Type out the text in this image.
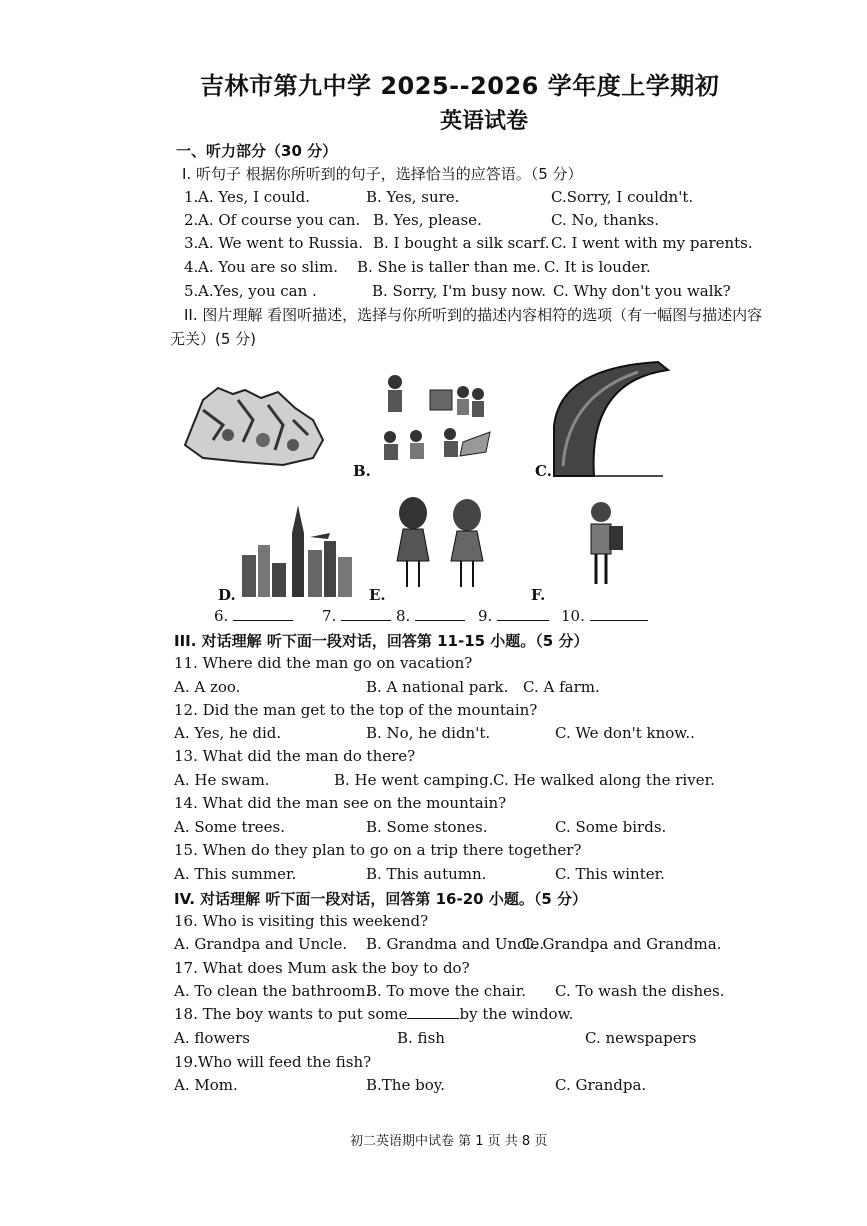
吉林市第九中学 2025--2026 学年度上学期初
英语试卷
一、听力部分（30 分）
I. 听句子 根据你所听到的句子，选择恰当的应答语。（5 分）
1. A. Yes, I could.	B. Yes, sure.	C.Sorry, I couldn't.
2. A. Of course you can. B. Yes, please.	C. No, thanks.
3. A. We went to Russia. B. I bought a silk scarf. C. I went with my parents.
4. A. You are so slim. B. She is taller than me. C. It is louder.
5. A.Yes, you can .	B. Sorry, I'm busy now. C. Why don't you walk?
II. 图片理解 看图听描述，选择与你所听到的描述内容相符的选项（有一幅图与描述内容
无关）(5 分)
B.	C.
D.	E.	F.
6.	7.	8.	9.	10.
III. 对话理解 听下面一段对话，回答第 11-15 小题。（5 分）
11. Where did the man go on vacation?
A. A zoo.	B. A national park. C. A farm.
12. Did the man get to the top of the mountain?
A. Yes, he did.	B. No, he didn't.	C. We don't know..
13. What did the man do there?
A. He swam.	B. He went camping. C. He walked along the river.
14. What did the man see on the mountain?
A. Some trees.	B. Some stones.	C. Some birds.
15. When do they plan to go on a trip there together?
A. This summer.	B. This autumn.	C. This winter.
IV. 对话理解 听下面一段对话，回答第 16-20 小题。（5 分）
16. Who is visiting this weekend?
A. Grandpa and Uncle. B. Grandma and Uncle.
C. Grandpa and Grandma.
17. What does Mum ask the boy to do?
A. To clean the bathroom.
B. To move the chair. C. To wash the dishes.
18. The boy wants to put some	by the window.
A. flowers	B. fish	C. newspapers
19.Who will feed the fish?
A. Mom.	B.The boy.	C. Grandpa.
初二英语期中试卷 第 1 页 共 8 页
